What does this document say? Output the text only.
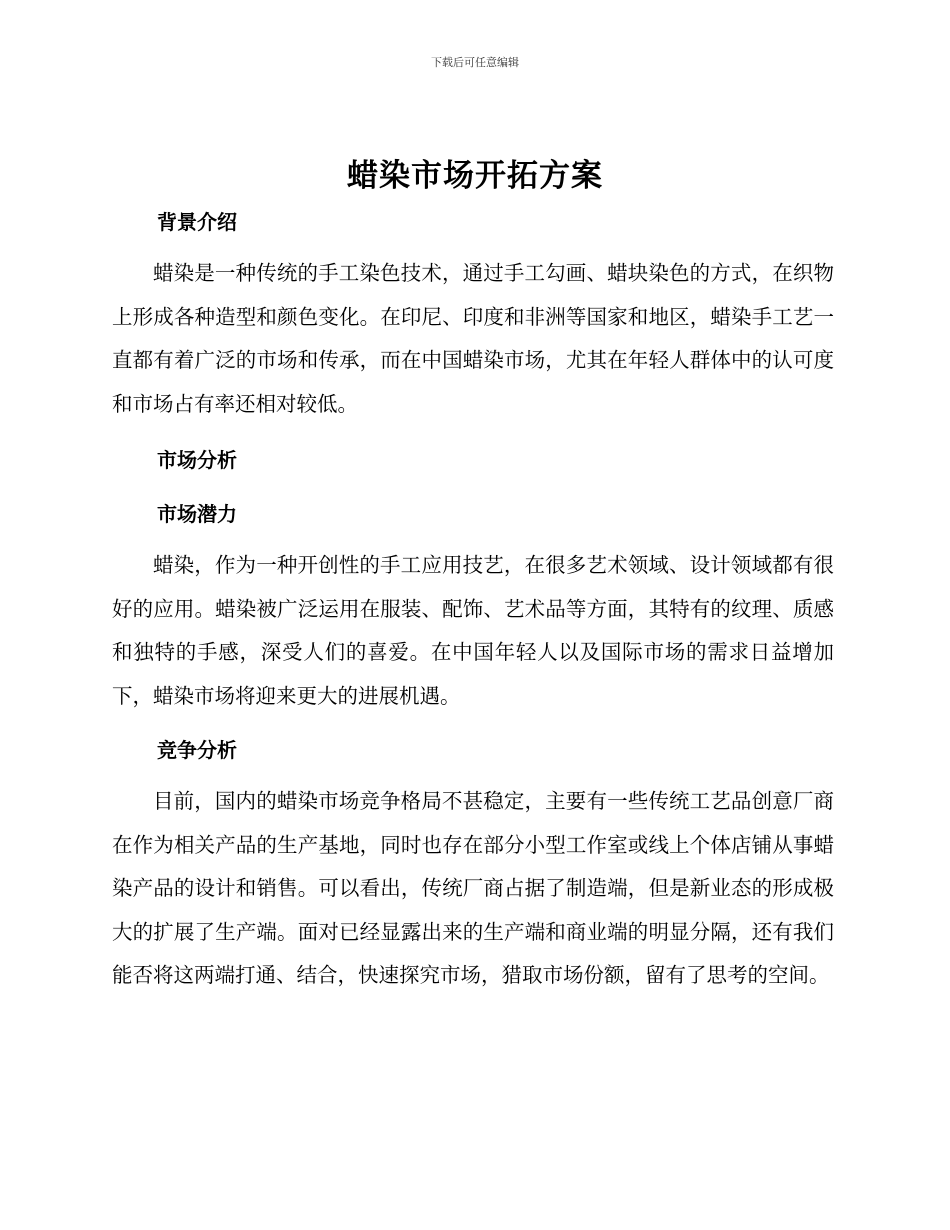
下载后可任意编辑
蜡染市场开拓方案
背景介绍
蜡染是一种传统的手工染色技术，通过手工勾画、蜡块染色的方式，在织物上形成各种造型和颜色变化。在印尼、印度和非洲等国家和地区，蜡染手工艺一直都有着广泛的市场和传承，而在中国蜡染市场，尤其在年轻人群体中的认可度和市场占有率还相对较低。
市场分析
市场潜力
蜡染，作为一种开创性的手工应用技艺，在很多艺术领域、设计领域都有很好的应用。蜡染被广泛运用在服装、配饰、艺术品等方面，其特有的纹理、质感和独特的手感，深受人们的喜爱。在中国年轻人以及国际市场的需求日益增加下，蜡染市场将迎来更大的进展机遇。
竞争分析
目前，国内的蜡染市场竞争格局不甚稳定，主要有一些传统工艺品创意厂商在作为相关产品的生产基地，同时也存在部分小型工作室或线上个体店铺从事蜡染产品的设计和销售。可以看出，传统厂商占据了制造端，但是新业态的形成极大的扩展了生产端。面对已经显露出来的生产端和商业端的明显分隔，还有我们能否将这两端打通、结合，快速探究市场，猎取市场份额，留有了思考的空间。
